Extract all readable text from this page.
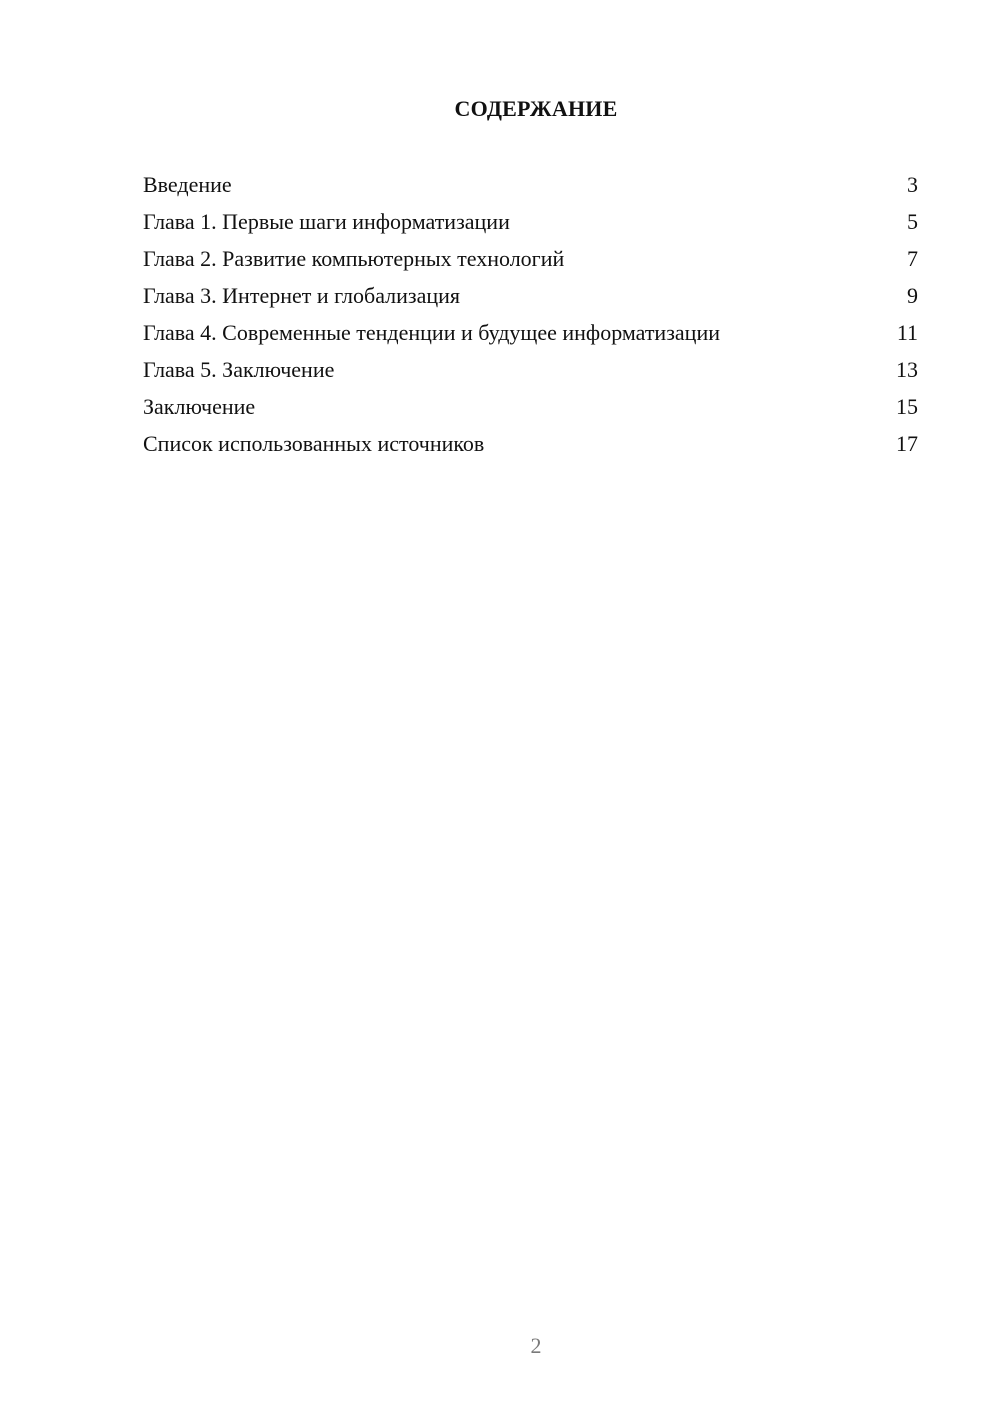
СОДЕРЖАНИЕ
Введение	3
Глава 1. Первые шаги информатизации	5
Глава 2. Развитие компьютерных технологий	7
Глава 3. Интернет и глобализация	9
Глава 4. Современные тенденции и будущее информатизации	11
Глава 5. Заключение	13
Заключение	15
Список использованных источников	17
2
